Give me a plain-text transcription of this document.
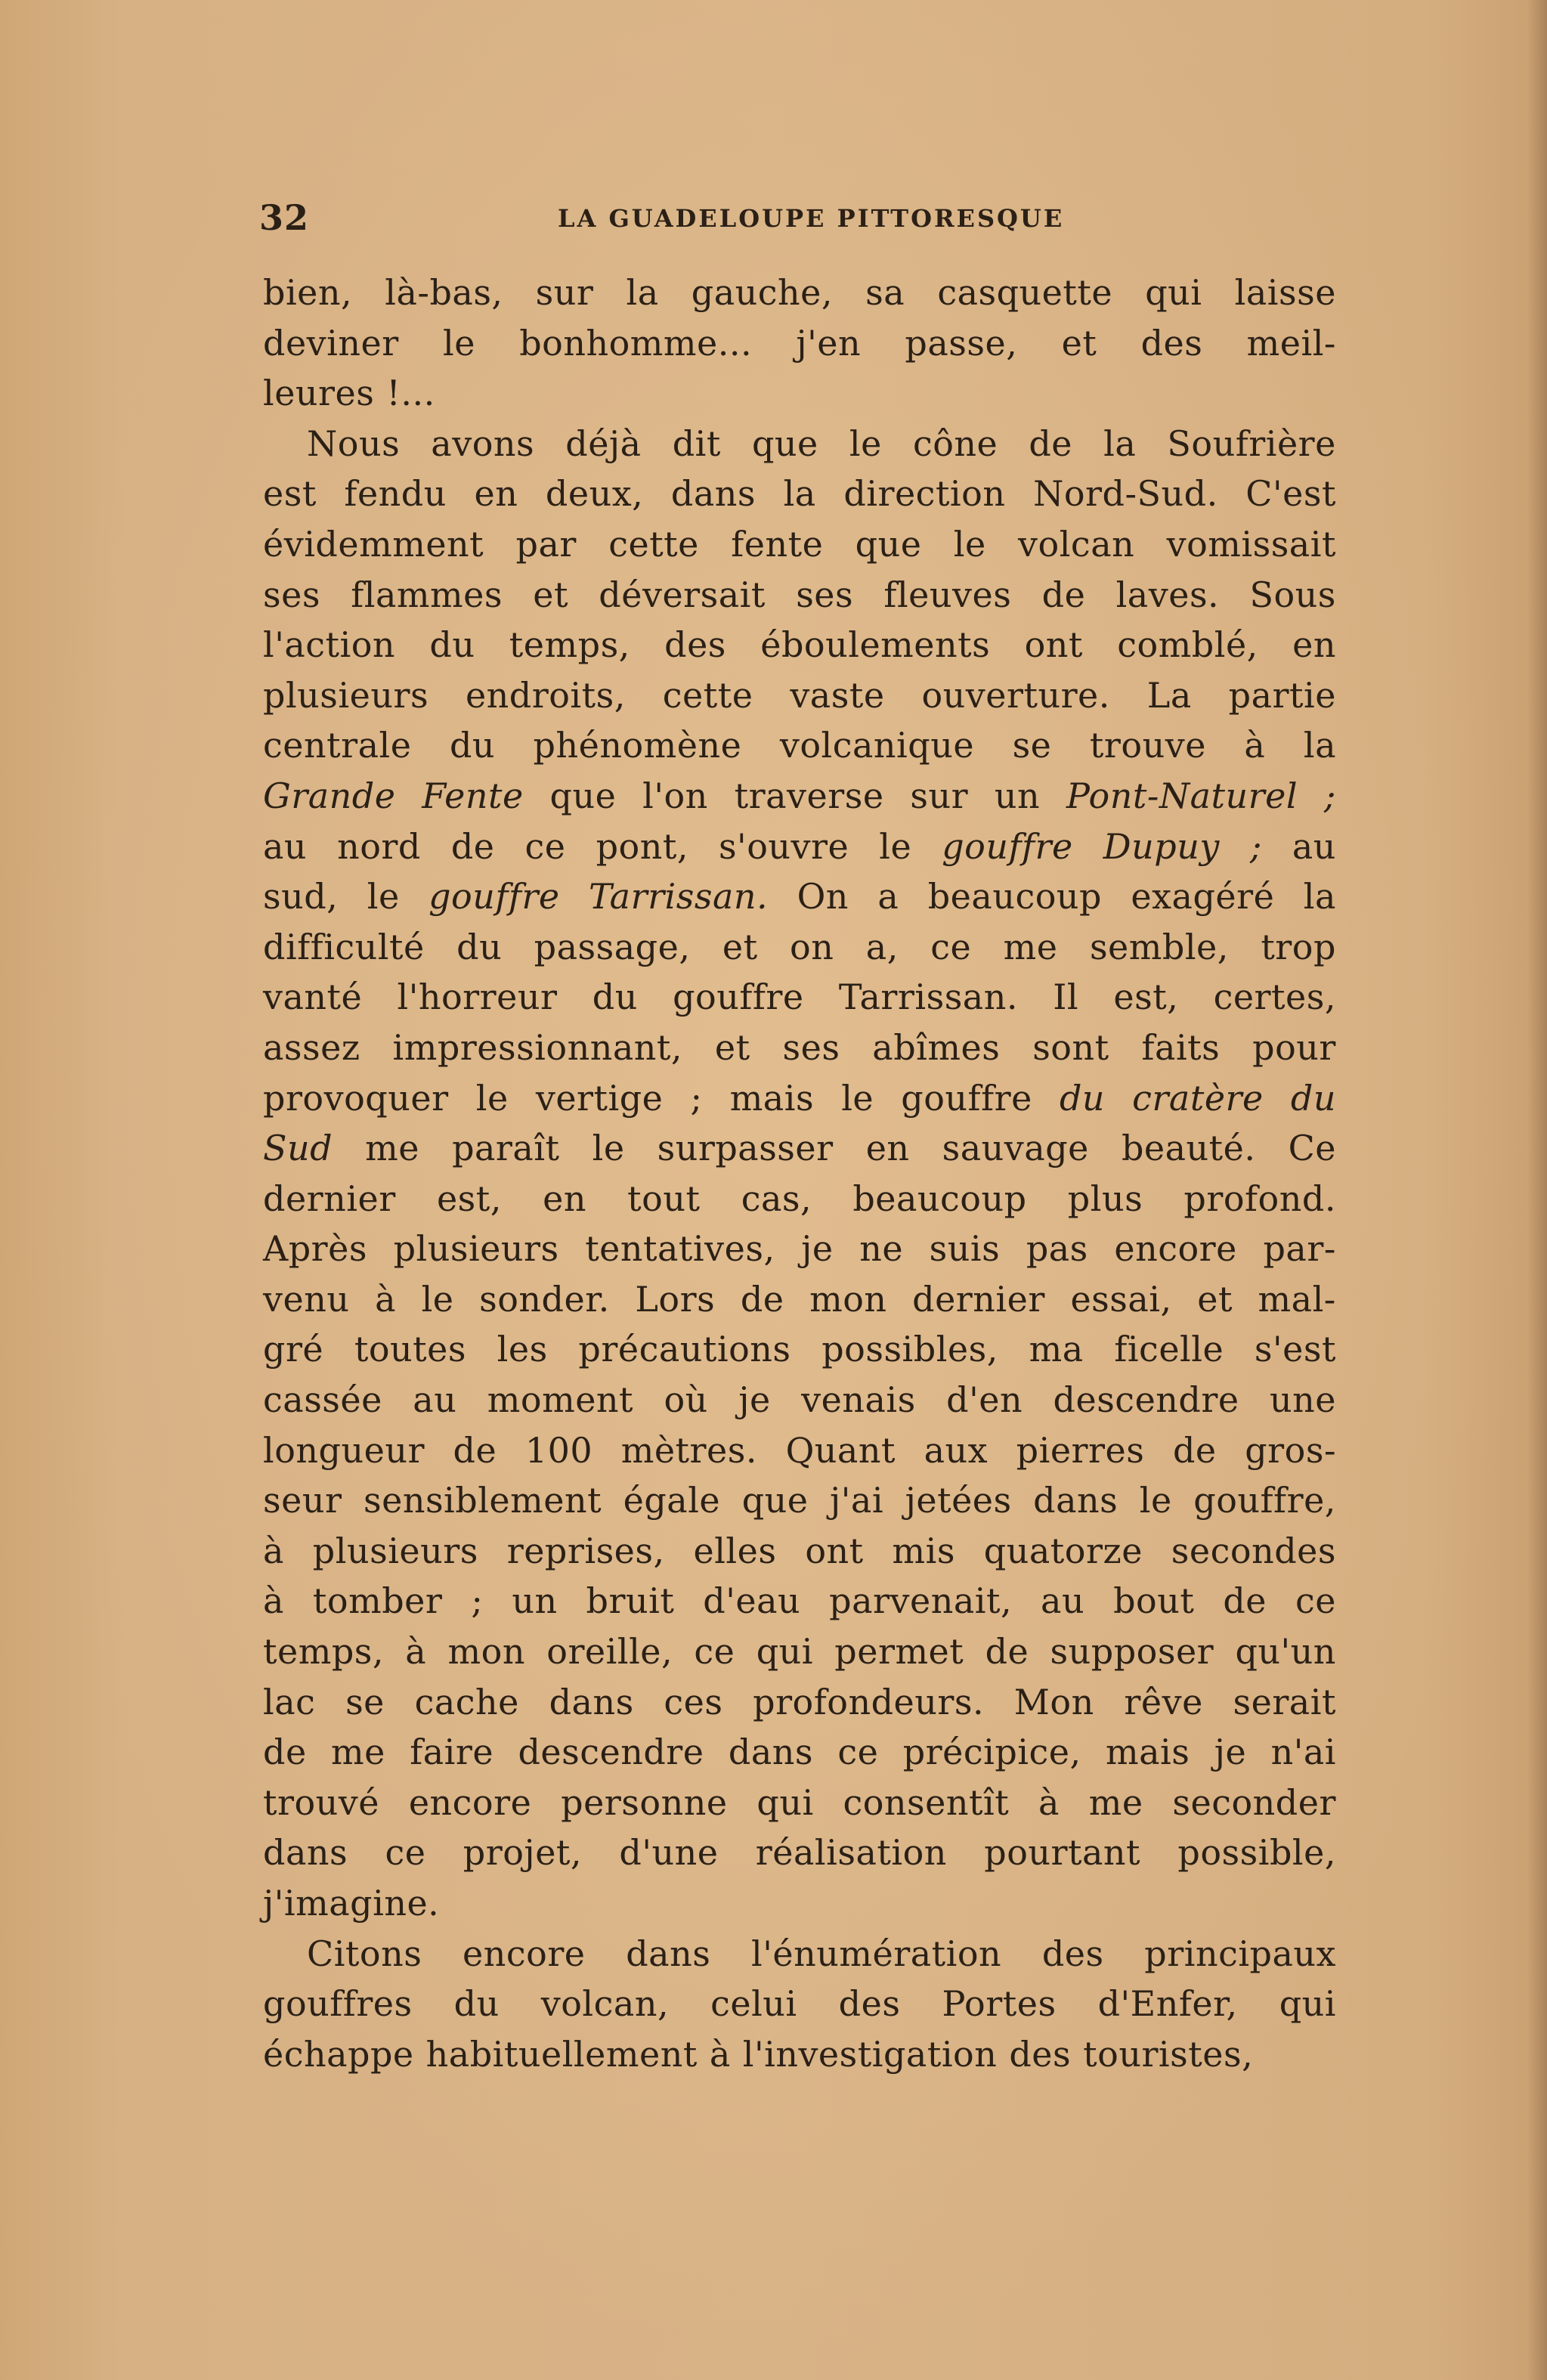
32	LA GUADELOUPE PITTORESQUE
bien, là-bas, sur la gauche, sa casquette qui laisse
deviner le bonhomme... j'en passe, et des meil-
leures !...
Nous avons déjà dit que le cône de la Soufrière
est fendu en deux, dans la direction Nord-Sud. C'est
évidemment par cette fente que le volcan vomissait
ses flammes et déversait ses fleuves de laves. Sous
l'action du temps, des éboulements ont comblé, en
plusieurs endroits, cette vaste ouverture. La partie
centrale du phénomène volcanique se trouve à la
Grande Fente que l'on traverse sur un Pont-Naturel ;
au nord de ce pont, s'ouvre le gouffre Dupuy ; au
sud, le gouffre Tarrissan. On a beaucoup exagéré la
difficulté du passage, et on a, ce me semble, trop
vanté l'horreur du gouffre Tarrissan. Il est, certes,
assez impressionnant, et ses abîmes sont faits pour
provoquer le vertige ; mais le gouffre du cratère du
Sud me paraît le surpasser en sauvage beauté. Ce
dernier est, en tout cas, beaucoup plus profond.
Après plusieurs tentatives, je ne suis pas encore par-
venu à le sonder. Lors de mon dernier essai, et mal-
gré toutes les précautions possibles, ma ficelle s'est
cassée au moment où je venais d'en descendre une
longueur de 100 mètres. Quant aux pierres de gros-
seur sensiblement égale que j'ai jetées dans le gouffre,
à plusieurs reprises, elles ont mis quatorze secondes
à tomber ; un bruit d'eau parvenait, au bout de ce
temps, à mon oreille, ce qui permet de supposer qu'un
lac se cache dans ces profondeurs. Mon rêve serait
de me faire descendre dans ce précipice, mais je n'ai
trouvé encore personne qui consentît à me seconder
dans ce projet, d'une réalisation pourtant possible,
j'imagine.
Citons encore dans l'énumération des principaux
gouffres du volcan, celui des Portes d'Enfer, qui
échappe habituellement à l'investigation des touristes,
